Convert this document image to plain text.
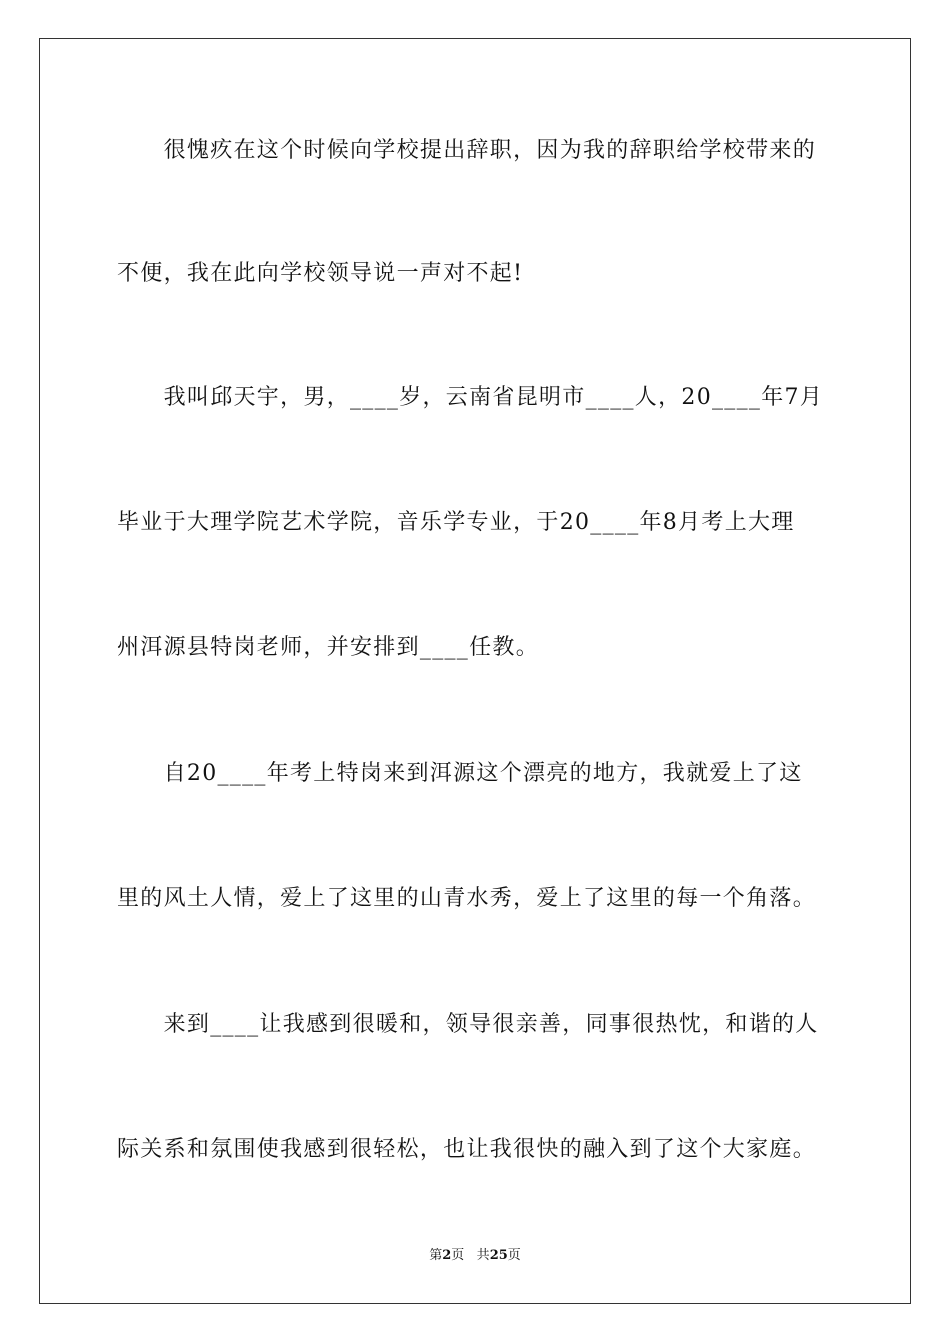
　　很愧疚在这个时候向学校提出辞职，因为我的辞职给学校带来的
不便，我在此向学校领导说一声对不起!
　　我叫邱天宇，男，____岁，云南省昆明市____人，20____年7月
毕业于大理学院艺术学院，音乐学专业，于20____年8月考上大理
州洱源县特岗老师，并安排到____任教。
　　自20____年考上特岗来到洱源这个漂亮的地方，我就爱上了这
里的风土人情，爱上了这里的山青水秀，爱上了这里的每一个角落。
　　来到____让我感到很暖和，领导很亲善，同事很热忱，和谐的人
际关系和氛围使我感到很轻松，也让我很快的融入到了这个大家庭。
第2页 共25页
